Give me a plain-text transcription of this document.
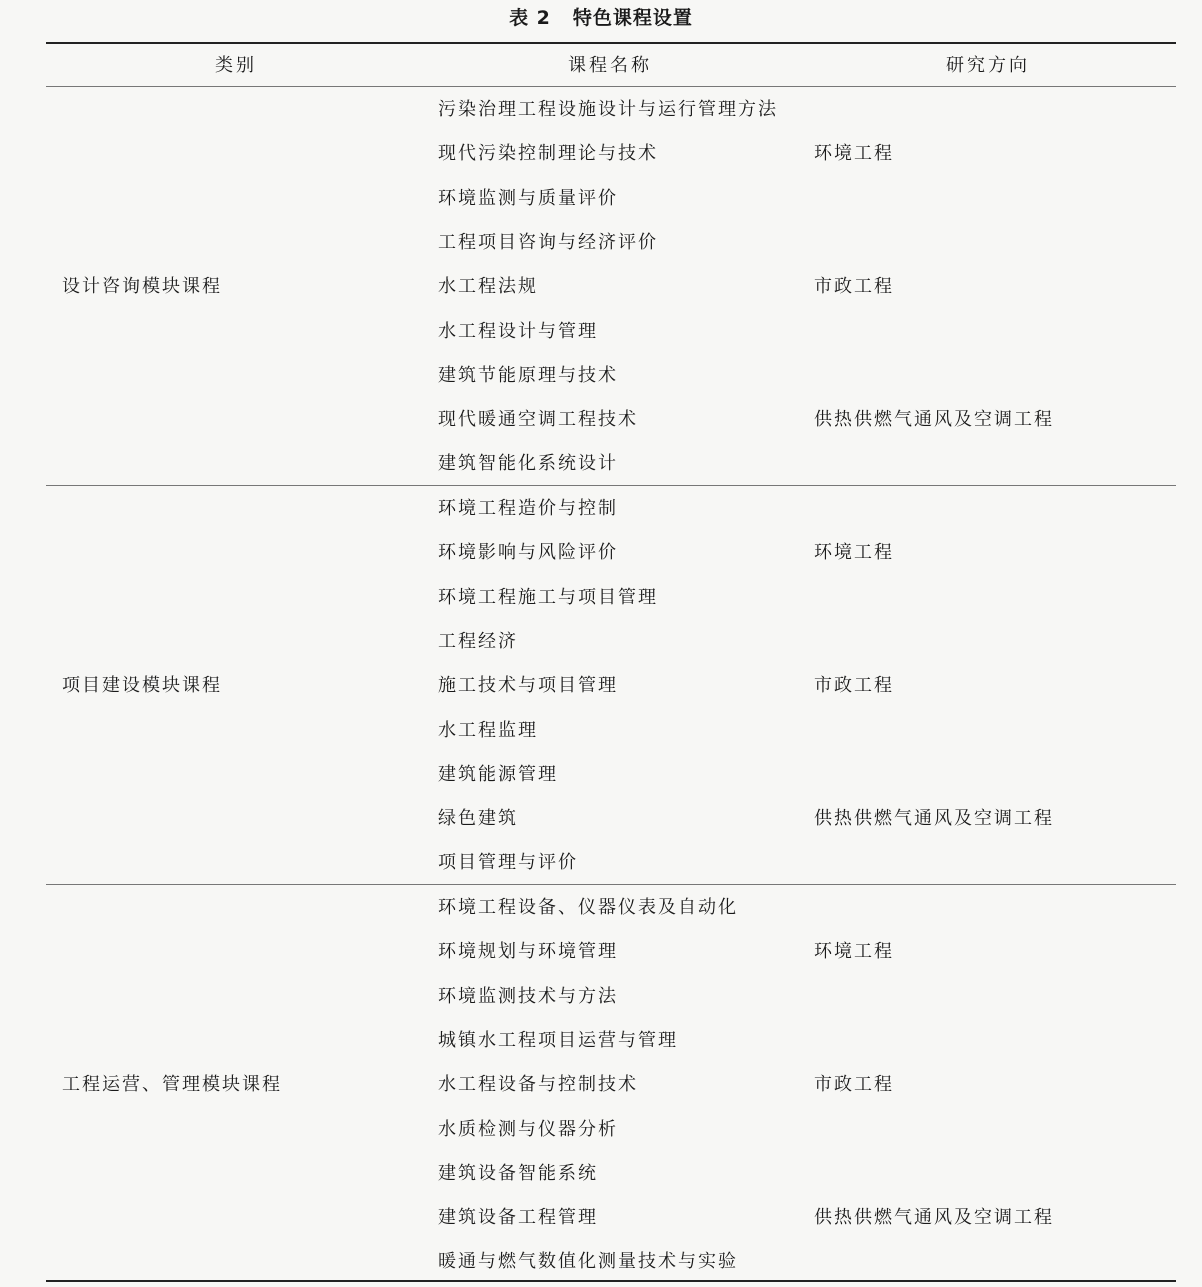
表 2 特色课程设置
类别	课程名称	研究方向
污染治理工程设施设计与运行管理方法
现代污染控制理论与技术
环境监测与质量评价
工程项目咨询与经济评价
水工程法规
水工程设计与管理
建筑节能原理与技术
现代暖通空调工程技术
建筑智能化系统设计
设计咨询模块课程
环境工程
市政工程
供热供燃气通风及空调工程
环境工程造价与控制
环境影响与风险评价
环境工程施工与项目管理
工程经济
施工技术与项目管理
水工程监理
建筑能源管理
绿色建筑
项目管理与评价
项目建设模块课程
环境工程
市政工程
供热供燃气通风及空调工程
环境工程设备、仪器仪表及自动化
环境规划与环境管理
环境监测技术与方法
城镇水工程项目运营与管理
水工程设备与控制技术
水质检测与仪器分析
建筑设备智能系统
建筑设备工程管理
暖通与燃气数值化测量技术与实验
工程运营、管理模块课程
环境工程
市政工程
供热供燃气通风及空调工程
